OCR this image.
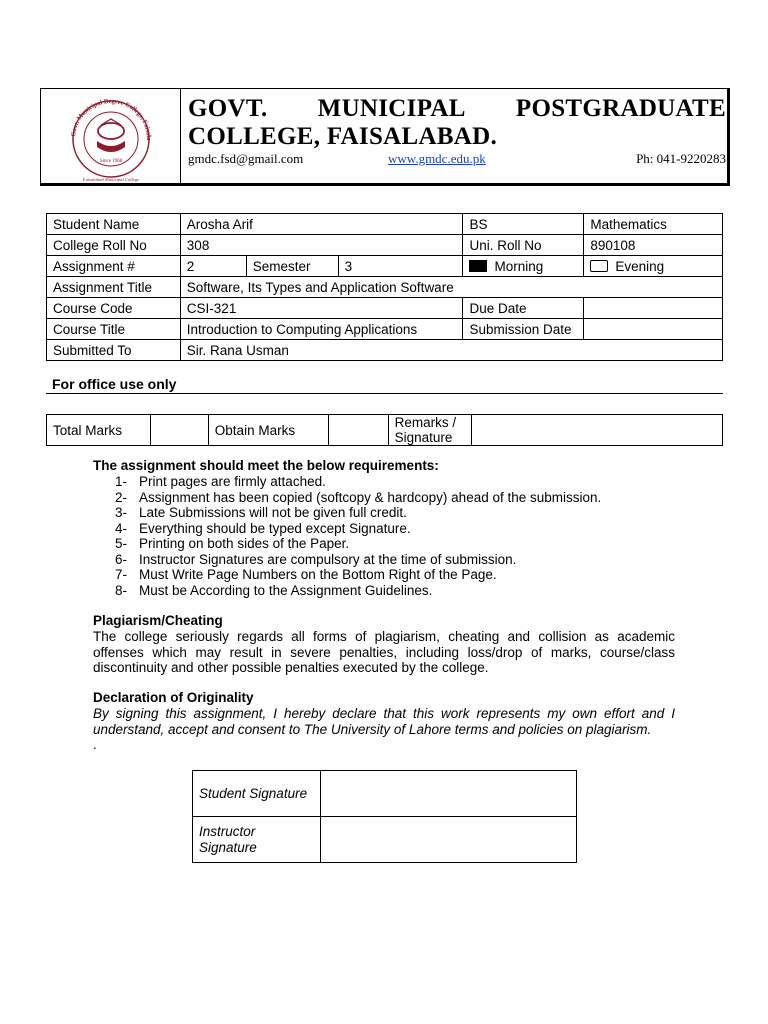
Govt. Municipal Degree College, Faisala
Since 1968
Faisalabad Municipal College
GOVT. MUNICIPAL POSTGRADUATE
COLLEGE, FAISALABAD.
gmdc.fsd@gmail.com	www.gmdc.edu.pk	Ph: 041-9220283
Student Name	Arosha Arif			BS	Mathematics
College Roll No	308			Uni. Roll No	890108
Assignment #	2	Semester	3	Morning	Evening
Assignment Title	Software, Its Types and Application Software				
Course Code	CSI-321			Due Date	
Course Title	Introduction to Computing Applications			Submission Date	
Submitted To	Sir. Rana Usman				
For office use only
Total Marks		Obtain Marks		Remarks /
Signature

The assignment should meet the below requirements:
1- Print pages are firmly attached.
2- Assignment has been copied (softcopy & hardcopy) ahead of the submission.
3- Late Submissions will not be given full credit.
4- Everything should be typed except Signature.
5- Printing on both sides of the Paper.
6- Instructor Signatures are compulsory at the time of submission.
7- Must Write Page Numbers on the Bottom Right of the Page.
8- Must be According to the Assignment Guidelines.
Plagiarism/Cheating
The college seriously regards all forms of plagiarism, cheating and collision as academic offenses which may result in severe penalties, including loss/drop of marks, course/class discontinuity and other possible penalties executed by the college.
Declaration of Originality
By signing this assignment, I hereby declare that this work represents my own effort and I understand, accept and consent to The University of Lahore terms and policies on plagiarism.
.
Student Signature	

Instructor
Signature	
